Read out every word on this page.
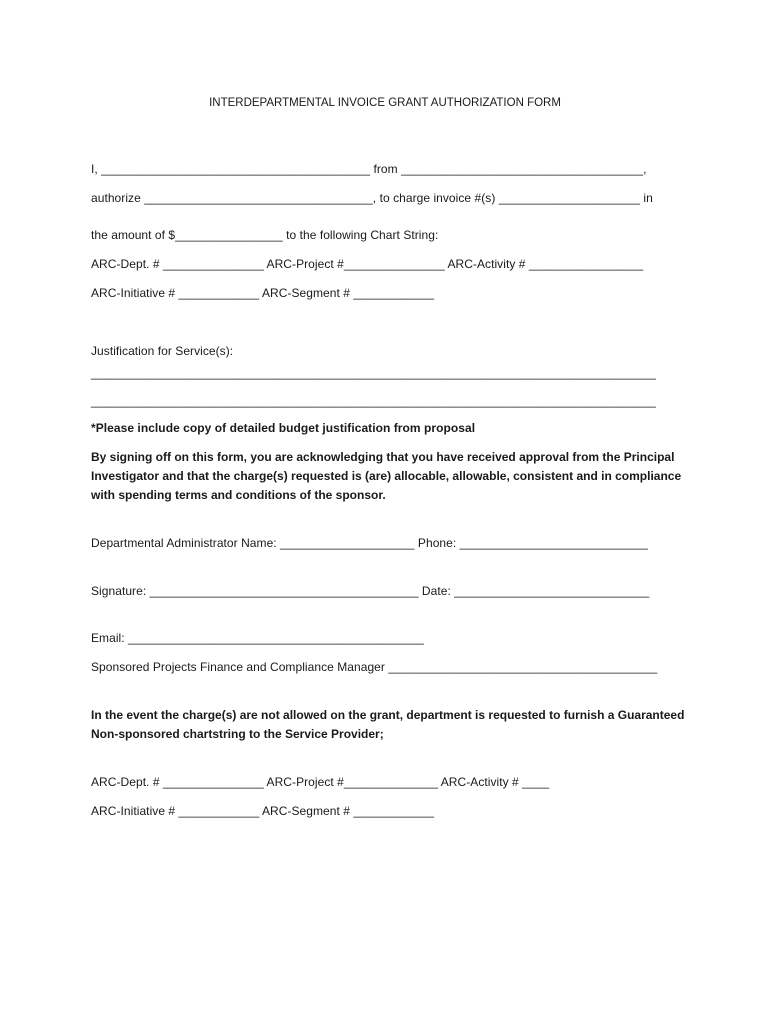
INTERDEPARTMENTAL INVOICE GRANT AUTHORIZATION FORM
I, ________________________________________ from ____________________________________,
authorize __________________________________, to charge invoice #(s) _____________________ in
the amount of $________________ to the following Chart String:
ARC-Dept. # _______________ ARC-Project #_______________ ARC-Activity # _________________
ARC-Initiative # ____________ ARC-Segment # ____________
Justification for Service(s):
____________________________________________________________________________________
____________________________________________________________________________________
*Please include copy of detailed budget justification from proposal
By signing off on this form, you are acknowledging that you have received approval from the Principal Investigator and that the charge(s) requested is (are) allocable, allowable, consistent and in compliance with spending terms and conditions of the sponsor.
Departmental Administrator Name: ____________________ Phone: ____________________________
Signature: ________________________________________ Date: _____________________________
Email: ____________________________________________
Sponsored Projects Finance and Compliance Manager ________________________________________
In the event the charge(s) are not allowed on the grant, department is requested to furnish a Guaranteed Non-sponsored chartstring to the Service Provider;
ARC-Dept. # _______________ ARC-Project #______________ ARC-Activity # ____
ARC-Initiative # ____________ ARC-Segment # ____________
